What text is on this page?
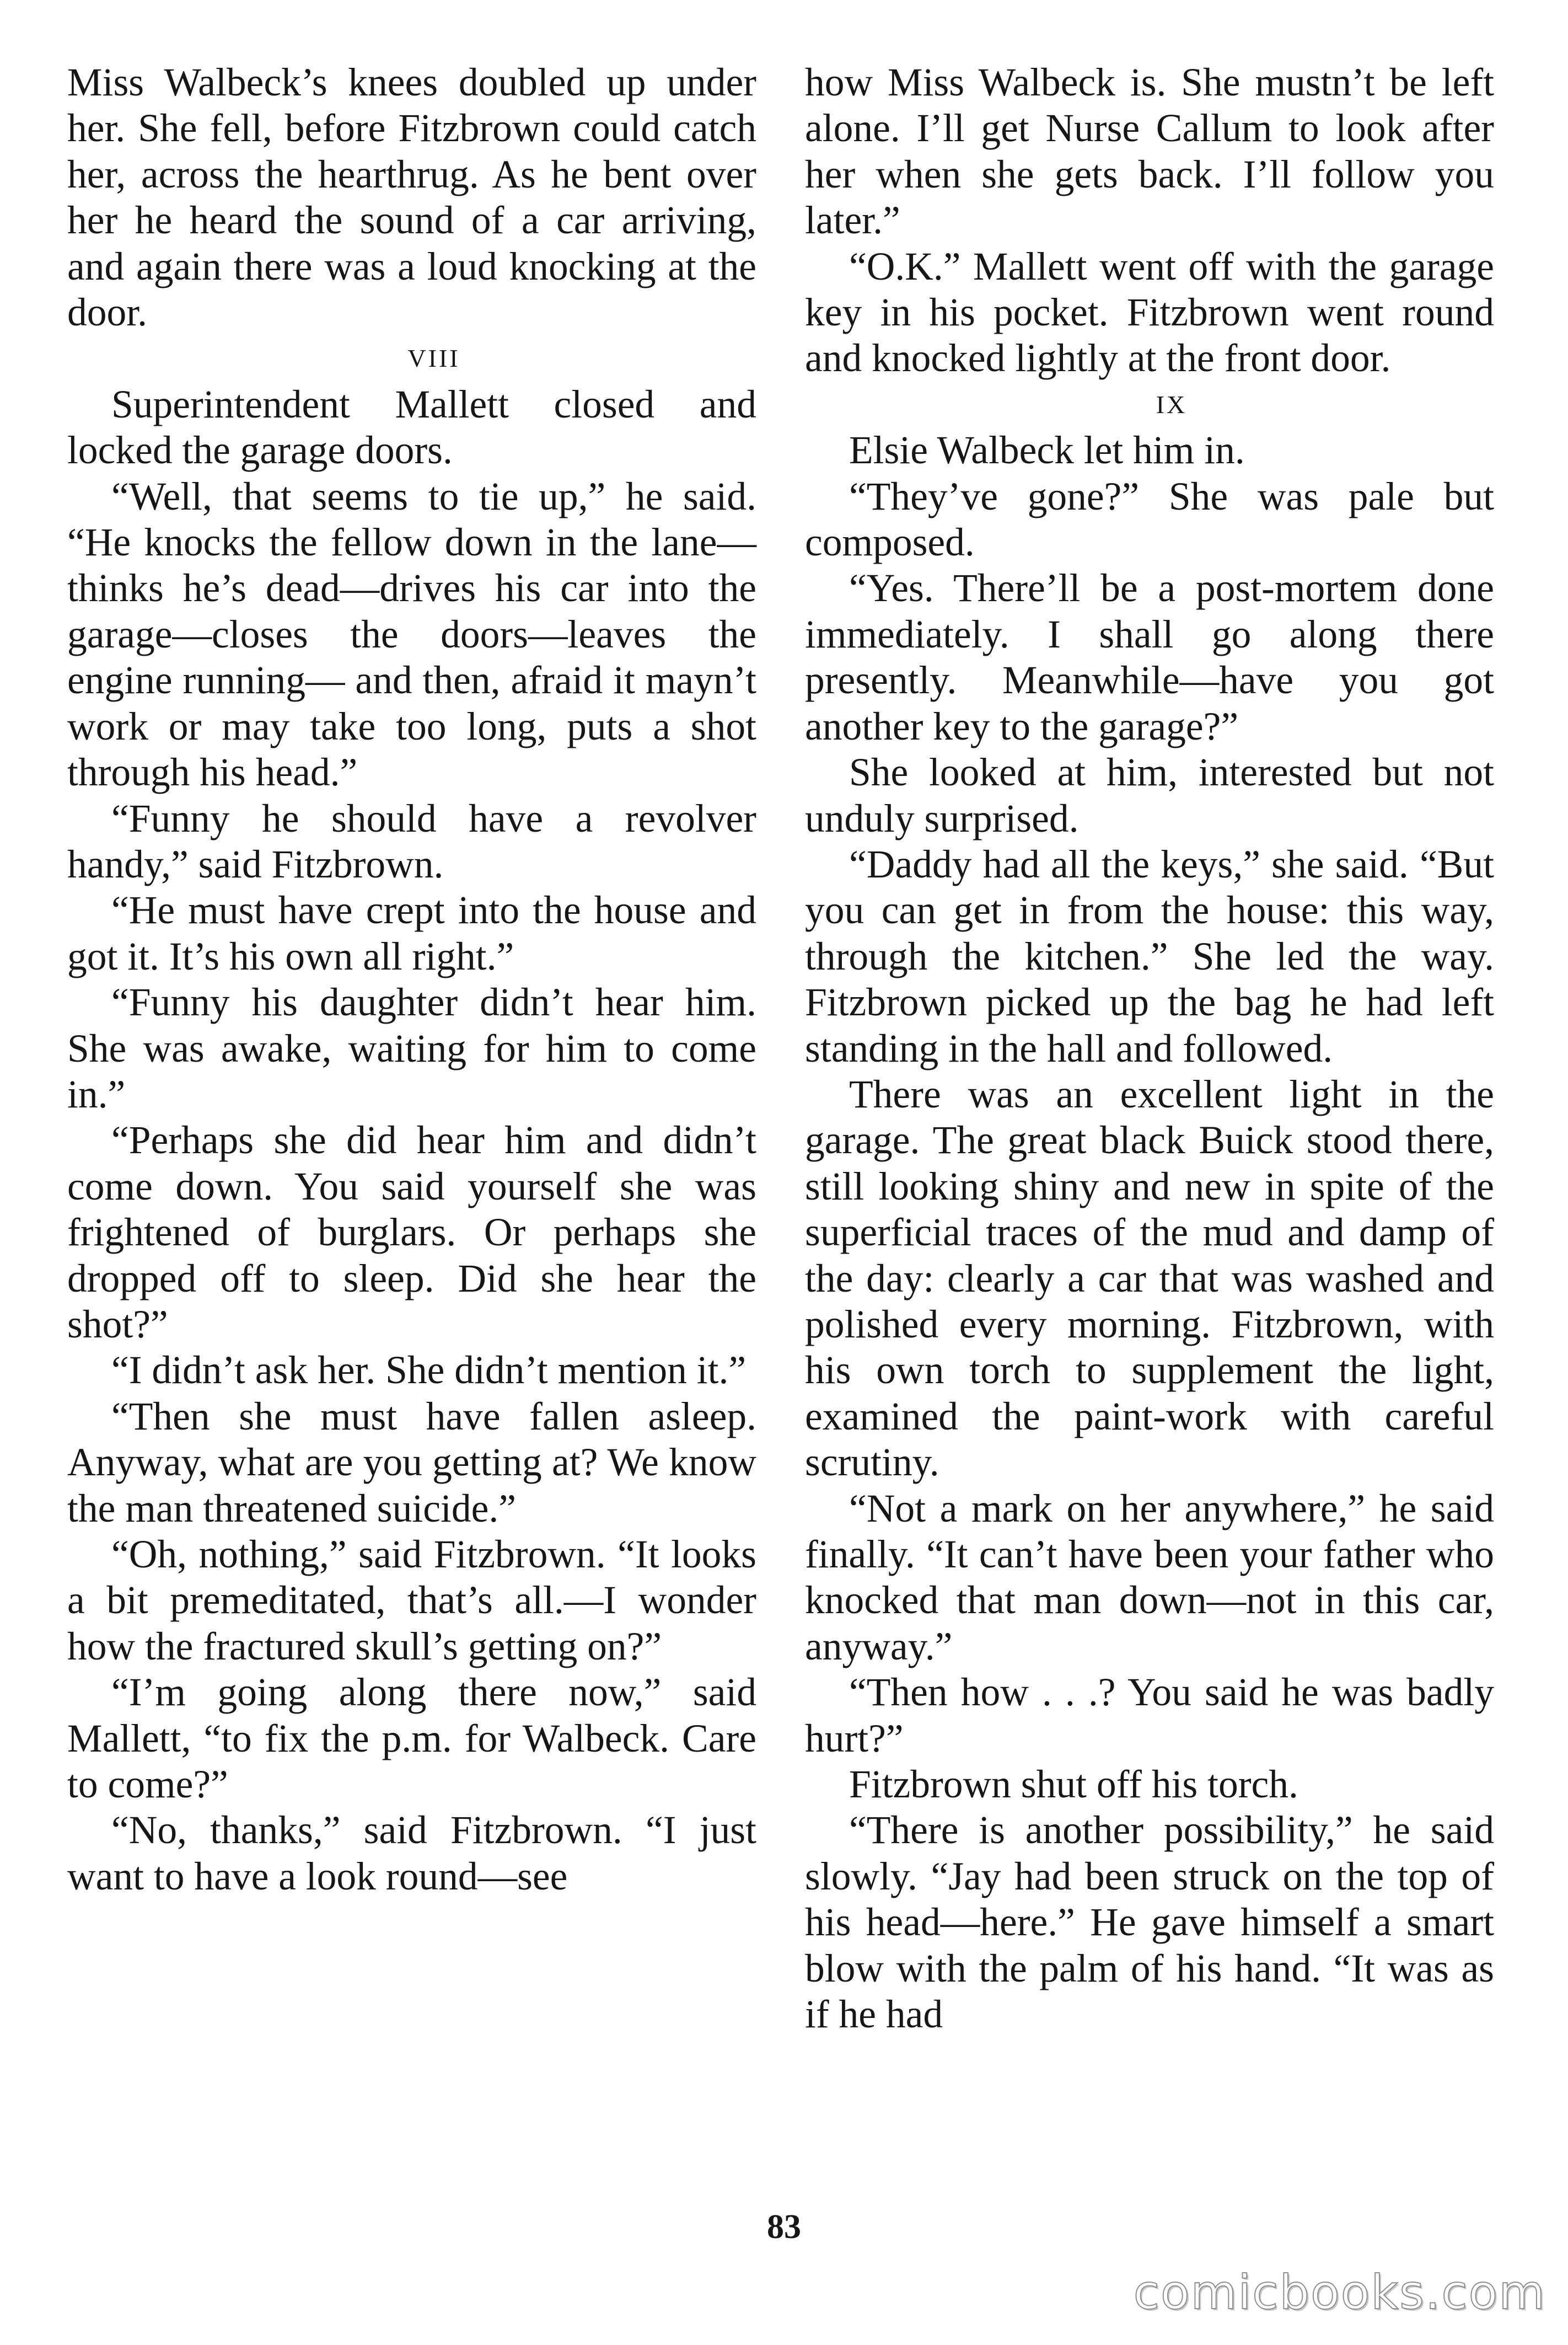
Miss Walbeck’s knees doubled up under her. She fell, before Fitzbrown could catch her, across the hearthrug. As he bent over her he heard the sound of a car arriving, and again there was a loud knocking at the door.

VIII

Superintendent Mallett closed and locked the garage doors.

“Well, that seems to tie up,” he said. “He knocks the fellow down in the lane—thinks he’s dead—drives his car into the garage—closes the doors—leaves the engine running— and then, afraid it mayn’t work or may take too long, puts a shot through his head.”

“Funny he should have a revolver handy,” said Fitzbrown.

“He must have crept into the house and got it. It’s his own all right.”

“Funny his daughter didn’t hear him. She was awake, waiting for him to come in.”

“Perhaps she did hear him and didn’t come down. You said yourself she was frightened of burglars. Or perhaps she dropped off to sleep. Did she hear the shot?”

“I didn’t ask her. She didn’t mention it.”

“Then she must have fallen asleep. Anyway, what are you getting at? We know the man threatened suicide.”

“Oh, nothing,” said Fitzbrown. “It looks a bit premeditated, that’s all.—I wonder how the fractured skull’s getting on?”

“I’m going along there now,” said Mallett, “to fix the p.m. for Walbeck. Care to come?”

“No, thanks,” said Fitzbrown. “I just want to have a look round—see

how Miss Walbeck is. She mustn’t be left alone. I’ll get Nurse Callum to look after her when she gets back. I’ll follow you later.”

“O.K.” Mallett went off with the garage key in his pocket. Fitzbrown went round and knocked lightly at the front door.

IX

Elsie Walbeck let him in.

“They’ve gone?” She was pale but composed.

“Yes. There’ll be a post-mortem done immediately. I shall go along there presently. Meanwhile—have you got another key to the garage?”

She looked at him, interested but not unduly surprised.

“Daddy had all the keys,” she said. “But you can get in from the house: this way, through the kitchen.” She led the way. Fitzbrown picked up the bag he had left standing in the hall and followed.

There was an excellent light in the garage. The great black Buick stood there, still looking shiny and new in spite of the superficial traces of the mud and damp of the day: clearly a car that was washed and polished every morning. Fitzbrown, with his own torch to supplement the light, examined the paint-work with careful scrutiny.

“Not a mark on her anywhere,” he said finally. “It can’t have been your father who knocked that man down—not in this car, anyway.”

“Then how . . .? You said he was badly hurt?”

Fitzbrown shut off his torch.

“There is another possibility,” he said slowly. “Jay had been struck on the top of his head—here.” He gave himself a smart blow with the palm of his hand. “It was as if he had

83
comicbooks.com
